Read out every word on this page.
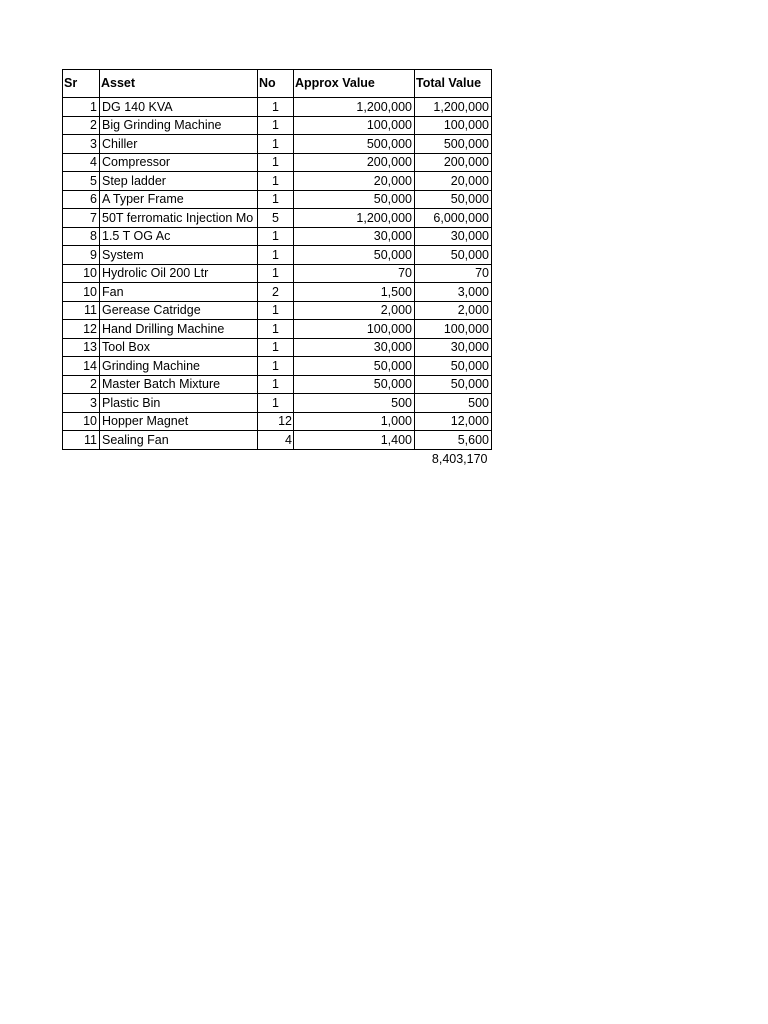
Sr	Asset	No	Approx Value	Total Value
1	DG 140 KVA	1	1,200,000	1,200,000
2	Big Grinding Machine	1	100,000	100,000
3	Chiller	1	500,000	500,000
4	Compressor	1	200,000	200,000
5	Step ladder	1	20,000	20,000
6	A Typer Frame	1	50,000	50,000
7	50T ferromatic Injection Mo	5	1,200,000	6,000,000
8	1.5 T OG Ac	1	30,000	30,000
9	System	1	50,000	50,000
10	Hydrolic Oil 200 Ltr	1	70	70
10	Fan	2	1,500	3,000
11	Gerease Catridge	1	2,000	2,000
12	Hand Drilling Machine	1	100,000	100,000
13	Tool Box	1	30,000	30,000
14	Grinding Machine	1	50,000	50,000
2	Master Batch Mixture	1	50,000	50,000
3	Plastic Bin	1	500	500
10	Hopper Magnet	12	1,000	12,000
11	Sealing Fan	4	1,400	5,600
				8,403,170
